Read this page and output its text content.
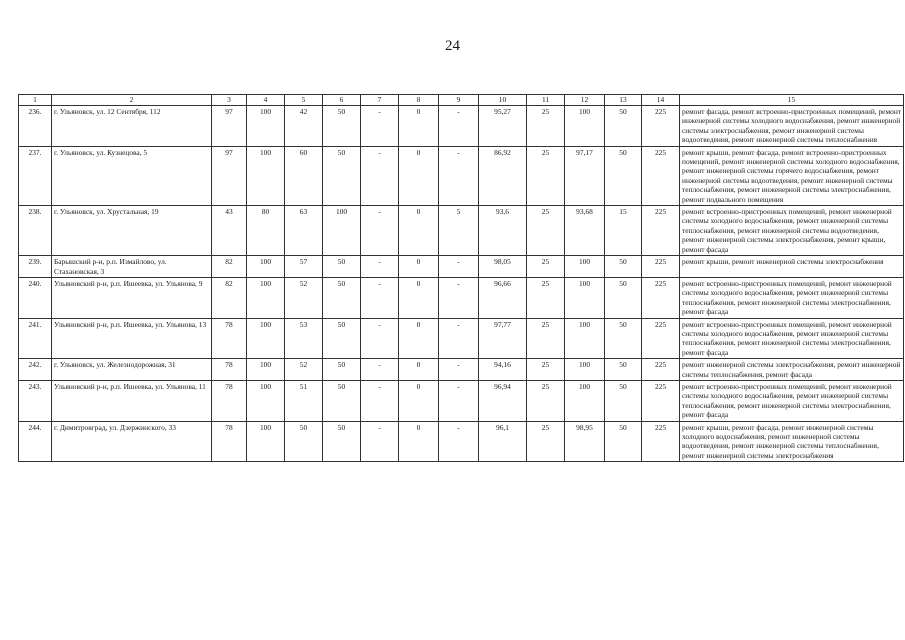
24
1	2	3	4	5	6	7	8	9	10	11	12	13	14	15
236.	г. Ульяновск, ул. 12 Сентября, 112	97	100	42	50	-	0	-	95,27	25	100	50	225	ремонт фасада, ремонт встроенно-пристроенных помещений, ремонт инженерной системы холодного водоснабжения, ремонт инженерной системы электроснабжения, ремонт инженерной системы водоотведения, ремонт инженерной системы теплоснабжения
237.	г. Ульяновск, ул. Кузнецова, 5	97	100	60	50	-	0	-	86,92	25	97,17	50	225	ремонт крыши, ремонт фасада, ремонт встроенно-пристроенных помещений, ремонт инженерной системы холодного водоснабжения, ремонт инженерной системы горячего водоснабжения, ремонт инженерной системы водоотведения, ремонт инженерной системы теплоснабжения, ремонт инженерной системы электроснабжения, ремонт подвального помещения
238.	г. Ульяновск, ул. Хрустальная, 19	43	80	63	100	-	0	5	93,6	25	93,68	15	225	ремонт встроенно-пристроенных помещений, ремонт инженерной системы холодного водоснабжения, ремонт инженерной системы теплоснабжения, ремонт инженерной системы водоотведения, ремонт инженерной системы электроснабжения, ремонт крыши, ремонт фасада
239.	Барышский р-н, р.п. Измайлово, ул. Стахановская, 3	82	100	57	50	-	0	-	98,05	25	100	50	225	ремонт крыши, ремонт инженерной системы электроснабжения
240.	Ульяновский р-н, р.п. Ишеевка, ул. Ульянова, 9	82	100	52	50	-	0	-	96,66	25	100	50	225	ремонт встроенно-пристроенных помещений, ремонт инженерной системы холодного водоснабжения, ремонт инженерной системы теплоснабжения, ремонт инженерной системы электроснабжения, ремонт фасада
241.	Ульяновский р-н, р.п. Ишеевка, ул. Ульянова, 13	78	100	53	50	-	0	-	97,77	25	100	50	225	ремонт встроенно-пристроенных помещений, ремонт инженерной системы холодного водоснабжения, ремонт инженерной системы теплоснабжения, ремонт инженерной системы электроснабжения, ремонт фасада
242.	г. Ульяновск, ул. Железнодорожная, 31	78	100	52	50	-	0	-	94,16	25	100	50	225	ремонт инженерной системы электроснабжения, ремонт инженерной системы теплоснабжения, ремонт фасада
243.	Ульяновский р-н, р.п. Ишеевка, ул. Ульянова, 11	78	100	51	50	-	0	-	96,94	25	100	50	225	ремонт встроенно-пристроенных помещений, ремонт инженерной системы холодного водоснабжения, ремонт инженерной системы теплоснабжения, ремонт инженерной системы электроснабжения, ремонт фасада
244.	г. Димитровград, ул. Дзержинского, 33	78	100	50	50	-	0	-	96,1	25	98,95	50	225	ремонт крыши, ремонт фасада, ремонт инженерной системы холодного водоснабжения, ремонт инженерной системы водоотведения, ремонт инженерной системы теплоснабжения, ремонт инженерной системы электроснабжения
